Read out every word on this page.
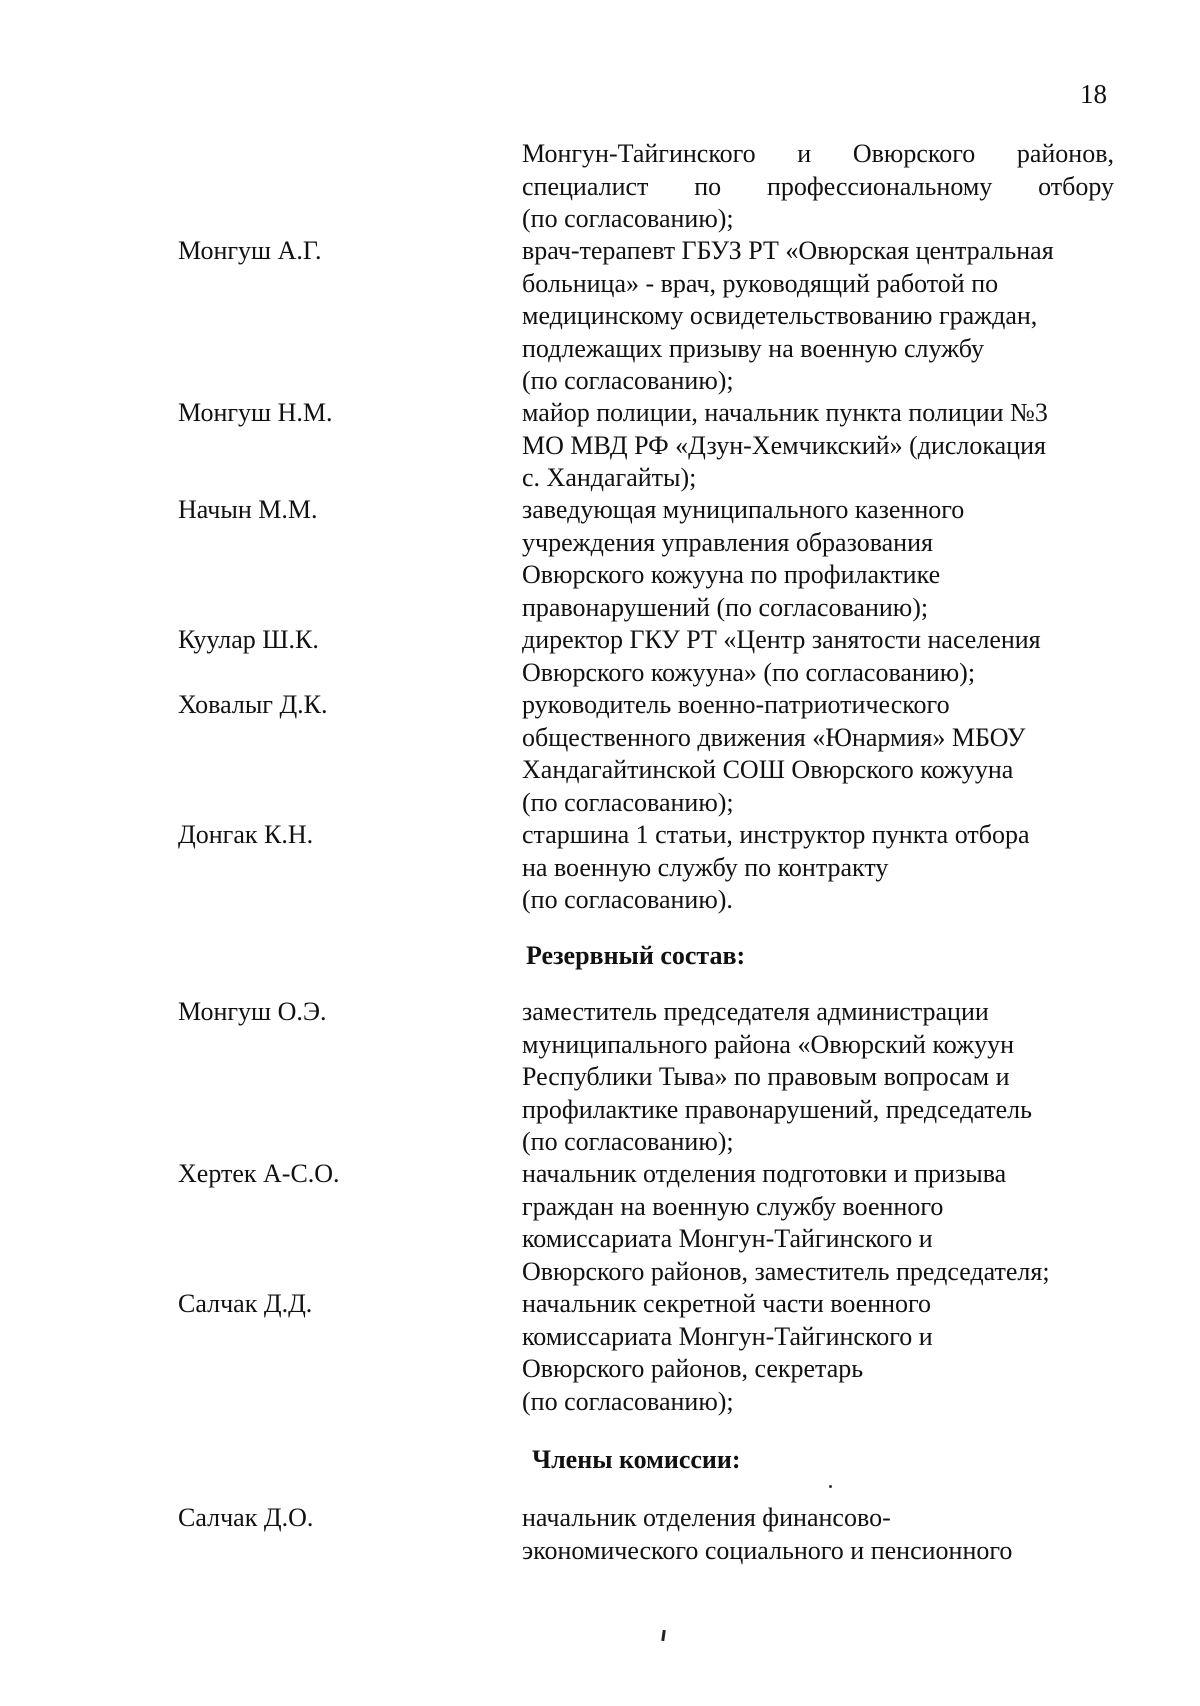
18
Монгун-Тайгинского и Овюрского районов,
специалист по профессиональному отбору
(по согласованию);
Монгуш А.Г.	врач-терапевт ГБУЗ РТ «Овюрская центральная
больница» - врач, руководящий работой по
медицинскому освидетельствованию граждан,
подлежащих призыву на военную службу
(по согласованию);
Монгуш Н.М.	майор полиции, начальник пункта полиции №3
МО МВД РФ «Дзун-Хемчикский» (дислокация
с. Хандагайты);
Начын М.М.	заведующая муниципального казенного
учреждения управления образования
Овюрского кожууна по профилактике
правонарушений (по согласованию);
Куулар Ш.К.	директор ГКУ РТ «Центр занятости населения
Овюрского кожууна» (по согласованию);
Ховалыг Д.К.	руководитель военно-патриотического
общественного движения «Юнармия» МБОУ
Хандагайтинской СОШ Овюрского кожууна
(по согласованию);
Донгак К.Н.	старшина 1 статьи, инструктор пункта отбора
на военную службу по контракту
(по согласованию).
Резервный состав:
Монгуш О.Э.	заместитель председателя администрации
муниципального района «Овюрский кожуун
Республики Тыва» по правовым вопросам и
профилактике правонарушений, председатель
(по согласованию);
Хертек А-С.О.	начальник отделения подготовки и призыва
граждан на военную службу военного
комиссариата Монгун-Тайгинского и
Овюрского районов, заместитель председателя;
Салчак Д.Д.	начальник секретной части военного
комиссариата Монгун-Тайгинского и
Овюрского районов, секретарь
(по согласованию);
Члены комиссии:
Салчак Д.О.	начальник отделения финансово-
экономического социального и пенсионного
